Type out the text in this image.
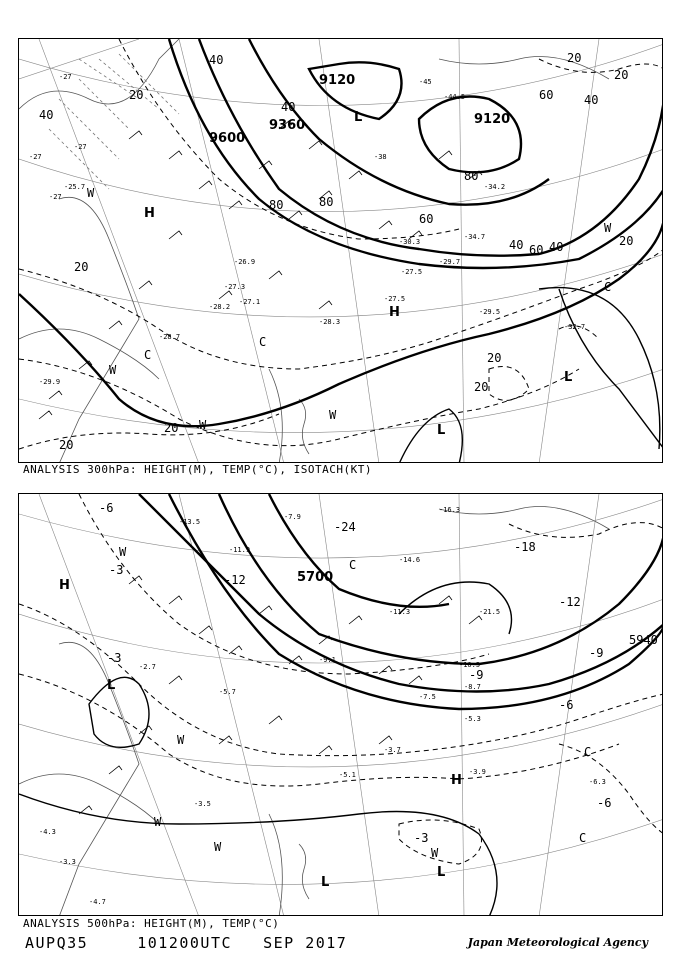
9120
9360
9600
9120
40
40
40 40
60
80	80
60
80
60
40
20
20
20
20
20
20
20
20
40
20
H
H
L
L
L
W
W
W
C
C
C
W
W
-27
-27
-27
-27
-28.3
-27.5
-27.5
-29.5
-32.7
-30.3
-29.7
-34.7
-34.2
-44.5
-45
-38
-29.9
-28.7
-27.1
-27.3
-26.9
-28.2
-25.7
ANALYSIS 300hPa: HEIGHT(M), TEMP(°C), ISOTACH(KT)
5700
5940
-6
-18
-12
-9
-6
-3
-3
-24
-6
-3
-9
-12
H
H
L
L
L
W
W
W	W
C
C
C
W
-16.3
-14.6
-13.5
-11.9
-11.3
-9.1
-7.9
-5.7
-4.3
-3.9
-3.7
-3.5
-2.7
-3.3
-5.1
-4.7
-6.3
-21.5
-10.5
-8.7
-5.3
-7.5
ANALYSIS 500hPa: HEIGHT(M), TEMP(°C)
AUPQ35	101200UTC SEP 2017	Japan Meteorological Agency
